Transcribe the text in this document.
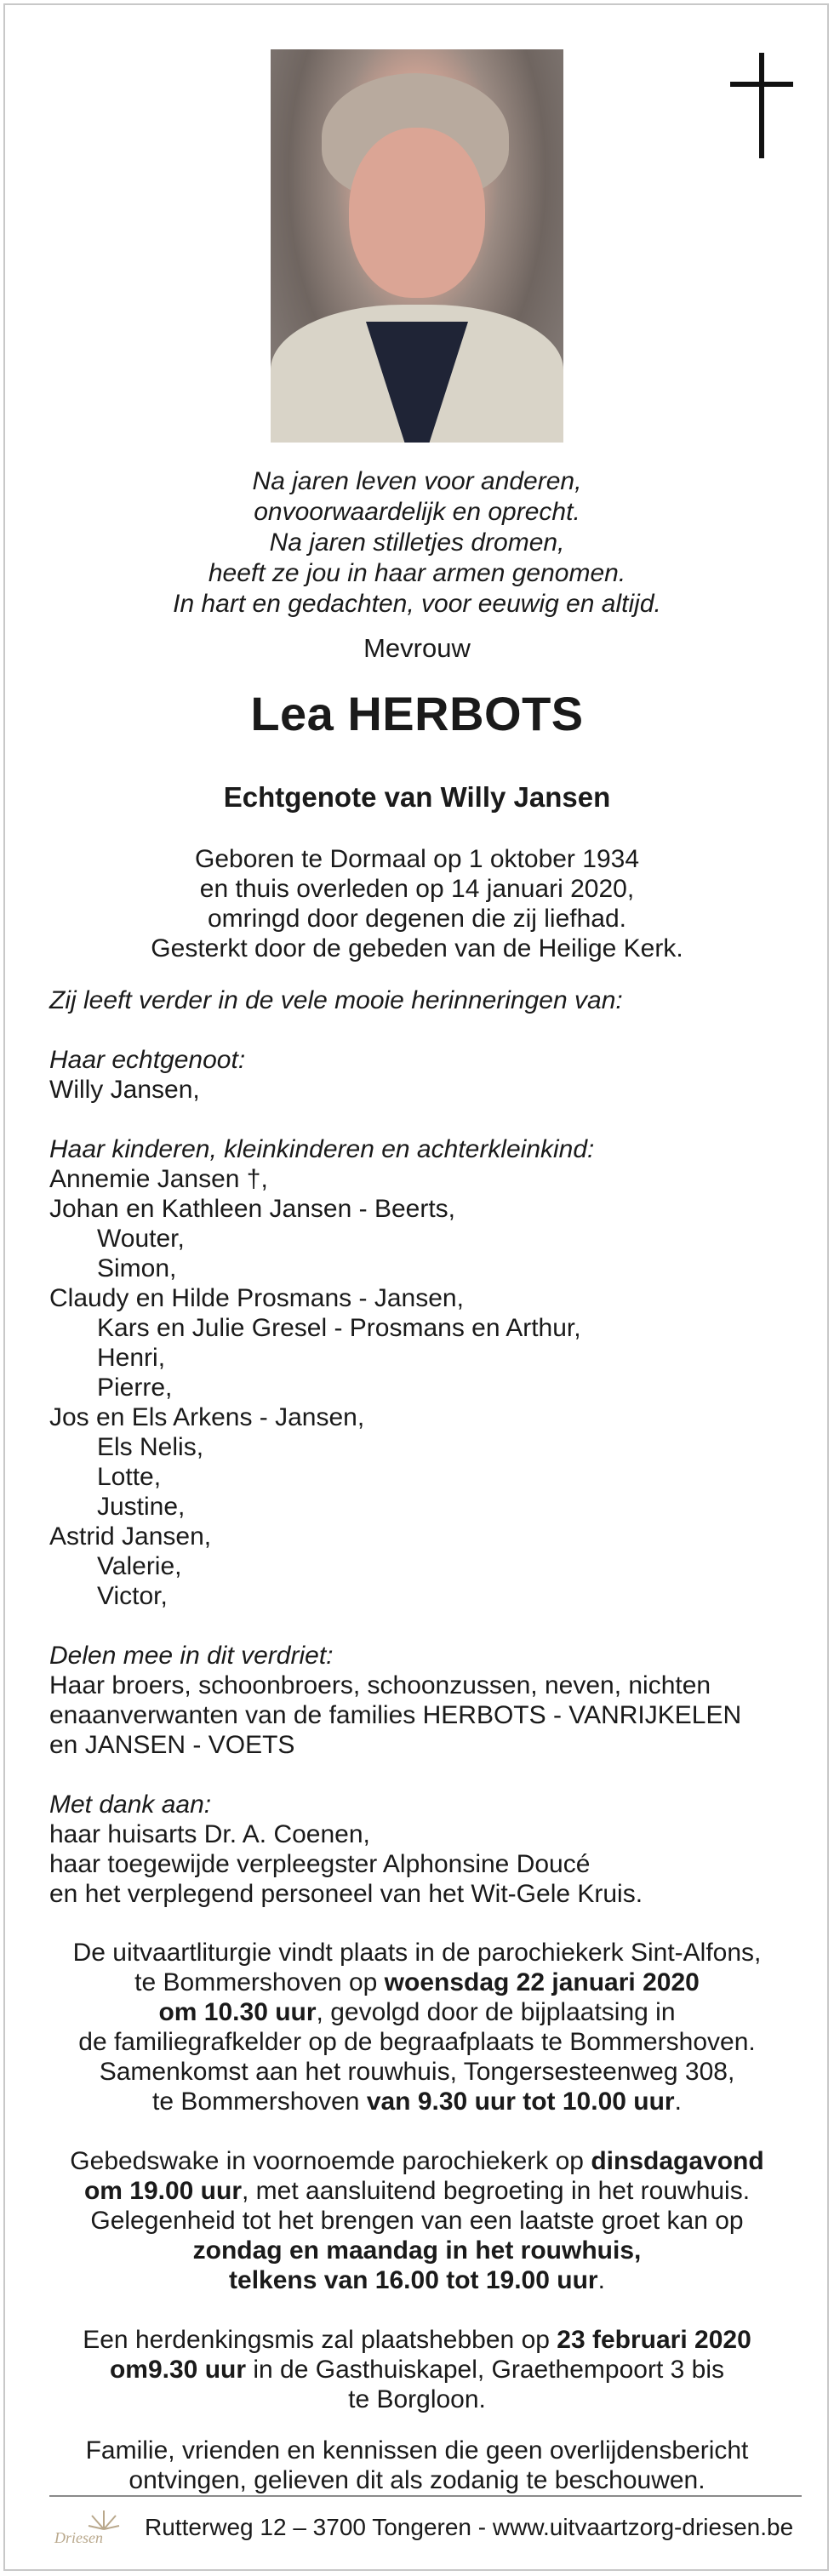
Na jaren leven voor anderen,
onvoorwaardelijk en oprecht.
Na jaren stilletjes dromen,
heeft ze jou in haar armen genomen.
In hart en gedachten, voor eeuwig en altijd.
Mevrouw
Lea HERBOTS
Echtgenote van Willy Jansen
Geboren te Dormaal op 1 oktober 1934
en thuis overleden op 14 januari 2020,
omringd door degenen die zij liefhad.
Gesterkt door de gebeden van de Heilige Kerk.
Zij leeft verder in de vele mooie herinneringen van:
Haar echtgenoot:
Willy Jansen,
Haar kinderen, kleinkinderen en achterkleinkind:
Annemie Jansen †,
Johan en Kathleen Jansen - Beerts,
Wouter,
Simon,
Claudy en Hilde Prosmans - Jansen,
Kars en Julie Gresel - Prosmans en Arthur,
Henri,
Pierre,
Jos en Els Arkens - Jansen,
Els Nelis,
Lotte,
Justine,
Astrid Jansen,
Valerie,
Victor,
Delen mee in dit verdriet:
Haar broers, schoonbroers, schoonzussen, neven, nichten
enaanverwanten van de families HERBOTS - VANRIJKELEN
en JANSEN - VOETS
Met dank aan:
haar huisarts Dr. A. Coenen,
haar toegewijde verpleegster Alphonsine Doucé
en het verplegend personeel van het Wit-Gele Kruis.
De uitvaartliturgie vindt plaats in de parochiekerk Sint-Alfons,
te Bommershoven op woensdag 22 januari 2020
om 10.30 uur, gevolgd door de bijplaatsing in
de familiegrafkelder op de begraafplaats te Bommershoven.
Samenkomst aan het rouwhuis, Tongersesteenweg 308,
te Bommershoven van 9.30 uur tot 10.00 uur.
Gebedswake in voornoemde parochiekerk op dinsdagavond
om 19.00 uur, met aansluitend begroeting in het rouwhuis.
Gelegenheid tot het brengen van een laatste groet kan op
zondag en maandag in het rouwhuis,
telkens van 16.00 tot 19.00 uur.
Een herdenkingsmis zal plaatshebben op 23 februari 2020
om9.30 uur in de Gasthuiskapel, Graethempoort 3 bis
te Borgloon.
Familie, vrienden en kennissen die geen overlijdensbericht
ontvingen, gelieven dit als zodanig te beschouwen.
Driesen Rutterweg 12 – 3700 Tongeren - www.uitvaartzorg-driesen.be
